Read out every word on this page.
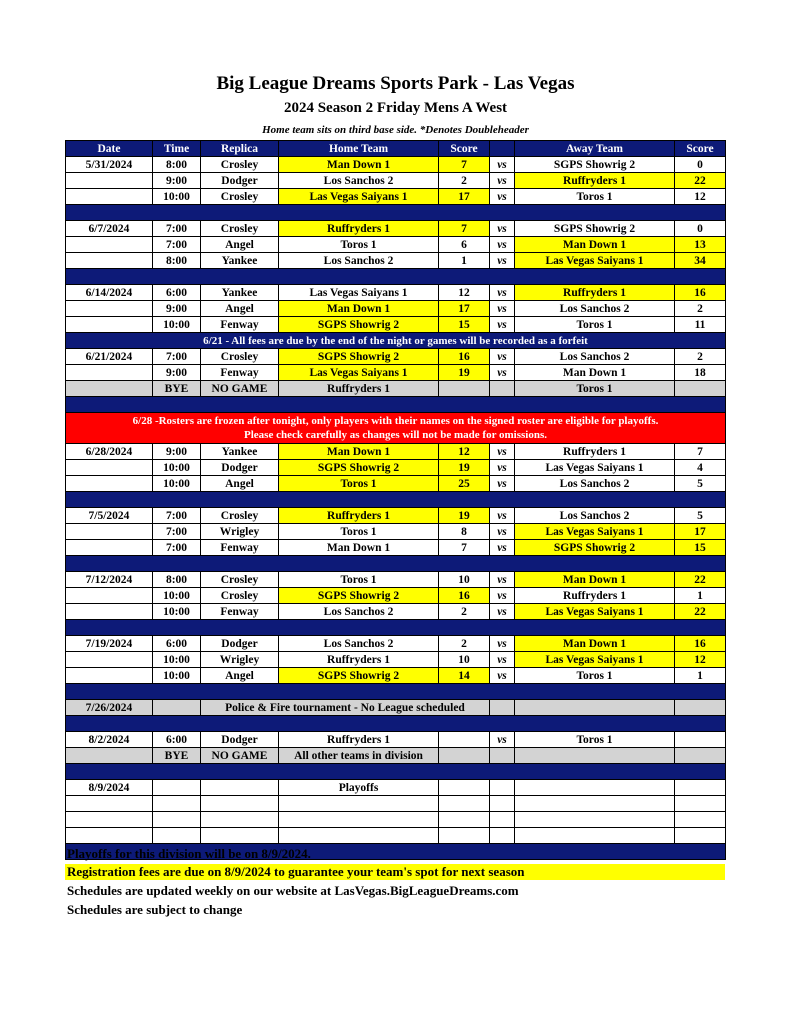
Big League Dreams Sports Park - Las Vegas
2024 Season 2 Friday Mens A West
Home team sits on third base side. *Denotes Doubleheader
Date	Time	Replica	Home Team	Score		Away Team	Score
5/31/2024	8:00	Crosley	Man Down 1	7	vs	SGPS Showrig 2	0
	9:00	Dodger	Los Sanchos 2	2	vs	Ruffryders 1	22
	10:00	Crosley	Las Vegas Saiyans 1	17	vs	Toros 1	12

6/7/2024	7:00	Crosley	Ruffryders 1	7	vs	SGPS Showrig 2	0
	7:00	Angel	Toros 1	6	vs	Man Down 1	13
	8:00	Yankee	Los Sanchos 2	1	vs	Las Vegas Saiyans 1	34

6/14/2024	6:00	Yankee	Las Vegas Saiyans 1	12	vs	Ruffryders 1	16
	9:00	Angel	Man Down 1	17	vs	Los Sanchos 2	2
	10:00	Fenway	SGPS Showrig 2	15	vs	Toros 1	11
6/21 - All fees are due by the end of the night or games will be recorded as a forfeit							
6/21/2024	7:00	Crosley	SGPS Showrig 2	16	vs	Los Sanchos 2	2
	9:00	Fenway	Las Vegas Saiyans 1	19	vs	Man Down 1	18
	BYE	NO GAME	Ruffryders 1			Toros 1	

6/28 -Rosters are frozen after tonight, only players with their names on the signed roster are eligible for playoffs.
Please check carefully as changes will not be made for omissions.							

6/28/2024	9:00	Yankee	Man Down 1	12	vs	Ruffryders 1	7
	10:00	Dodger	SGPS Showrig 2	19	vs	Las Vegas Saiyans 1	4
	10:00	Angel	Toros 1	25	vs	Los Sanchos 2	5

7/5/2024	7:00	Crosley	Ruffryders 1	19	vs	Los Sanchos 2	5
	7:00	Wrigley	Toros 1	8	vs	Las Vegas Saiyans 1	17
	7:00	Fenway	Man Down 1	7	vs	SGPS Showrig 2	15

7/12/2024	8:00	Crosley	Toros 1	10	vs	Man Down 1	22
	10:00	Crosley	SGPS Showrig 2	16	vs	Ruffryders 1	1
	10:00	Fenway	Los Sanchos 2	2	vs	Las Vegas Saiyans 1	22

7/19/2024	6:00	Dodger	Los Sanchos 2	2	vs	Man Down 1	16
	10:00	Wrigley	Ruffryders 1	10	vs	Las Vegas Saiyans 1	12
	10:00	Angel	SGPS Showrig 2	14	vs	Toros 1	1

7/26/2024		Police & Fire tournament - No League scheduled					

8/2/2024	6:00	Dodger	Ruffryders 1		vs	Toros 1	
	BYE	NO GAME	All other teams in division				

8/9/2024			Playoffs				

Playoffs for this division will be on 8/9/2024.
Registration fees are due on 8/9/2024 to guarantee your team's spot for next season
Schedules are updated weekly on our website at LasVegas.BigLeagueDreams.com
Schedules are subject to change
